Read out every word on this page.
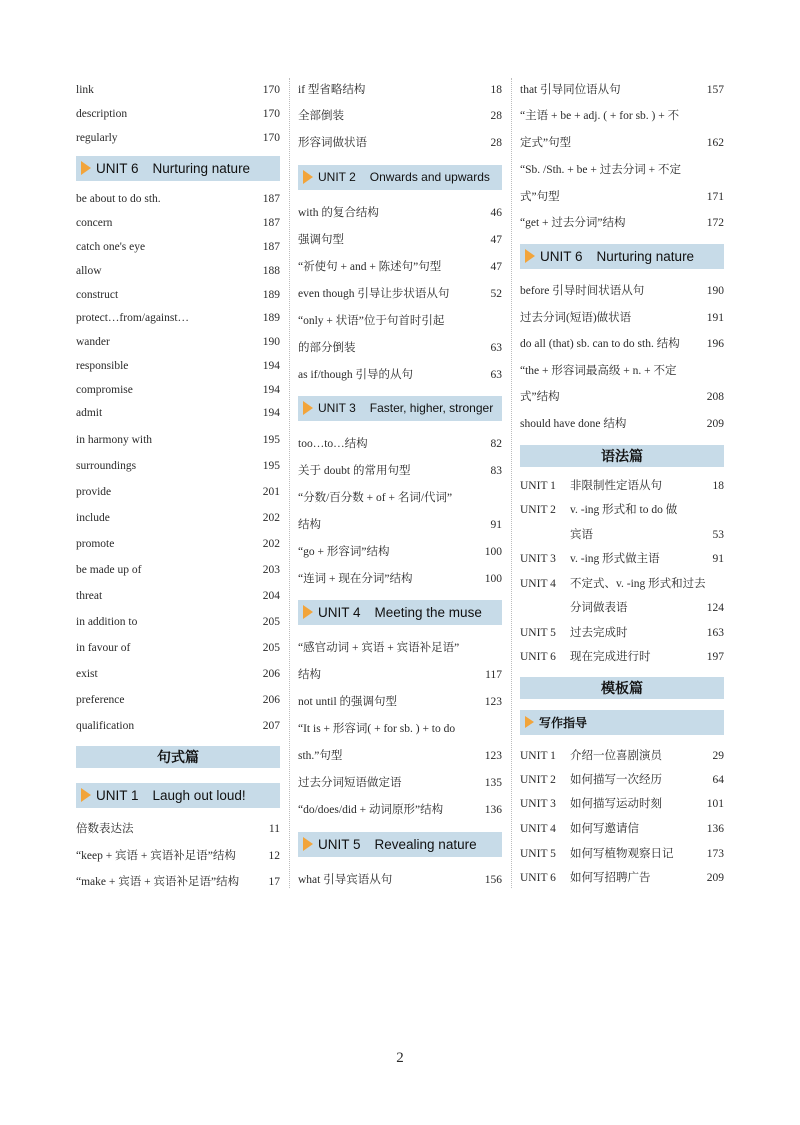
link	170
description	170
regularly	170
UNIT 6 Nurturing nature
be about to do sth.	187
concern	187
catch one's eye	187
allow	188
construct	189
protect…from/against…	189
wander	190
responsible	194
compromise	194
admit	194
in harmony with	195
surroundings	195
provide	201
include	202
promote	202
be made up of	203
threat	204
in addition to	205
in favour of	205
exist	206
preference	206
qualification	207
句式篇
UNIT 1 Laugh out loud!
倍数表达法	11
“keep + 宾语 + 宾语补足语”结构	12
“make + 宾语 + 宾语补足语”结构	17
if 型省略结构	18
全部倒装	28
形容词做状语	28
UNIT 2 Onwards and upwards
with 的复合结构	46
强调句型	47
“祈使句 + and + 陈述句”句型	47
even though 引导让步状语从句	52
“only + 状语”位于句首时引起
的部分倒装	63
as if/though 引导的从句	63
UNIT 3 Faster, higher, stronger
too…to…结构	82
关于 doubt 的常用句型	83
“分数/百分数 + of + 名词/代词”
结构	91
“go + 形容词”结构	100
“连词 + 现在分词”结构	100
UNIT 4 Meeting the muse
“感官动词 + 宾语 + 宾语补足语”
结构	117
not until 的强调句型	123
“It is + 形容词( + for sb. ) + to do
sth.”句型	123
过去分词短语做定语	135
“do/does/did + 动词原形”结构	136
UNIT 5 Revealing nature
what 引导宾语从句	156
that 引导同位语从句	157
“主语 + be + adj. ( + for sb. ) + 不
定式”句型	162
“Sb. /Sth. + be + 过去分词 + 不定
式”句型	171
“get + 过去分词”结构	172
UNIT 6 Nurturing nature
before 引导时间状语从句	190
过去分词(短语)做状语	191
do all (that) sb. can to do sth. 结构 196
“the + 形容词最高级 + n. + 不定
式”结构	208
should have done 结构	209
语法篇
UNIT 1	非限制性定语从句	18
UNIT 2	v. -ing 形式和 to do 做
宾语	53
UNIT 3	v. -ing 形式做主语	91
UNIT 4	不定式、v. -ing 形式和过去
分词做表语	124
UNIT 5	过去完成时	163
UNIT 6	现在完成进行时	197
模板篇
写作指导
UNIT 1	介绍一位喜剧演员	29
UNIT 2	如何描写一次经历	64
UNIT 3	如何描写运动时刻	101
UNIT 4	如何写邀请信	136
UNIT 5	如何写植物观察日记	173
UNIT 6	如何写招聘广告	209
2
